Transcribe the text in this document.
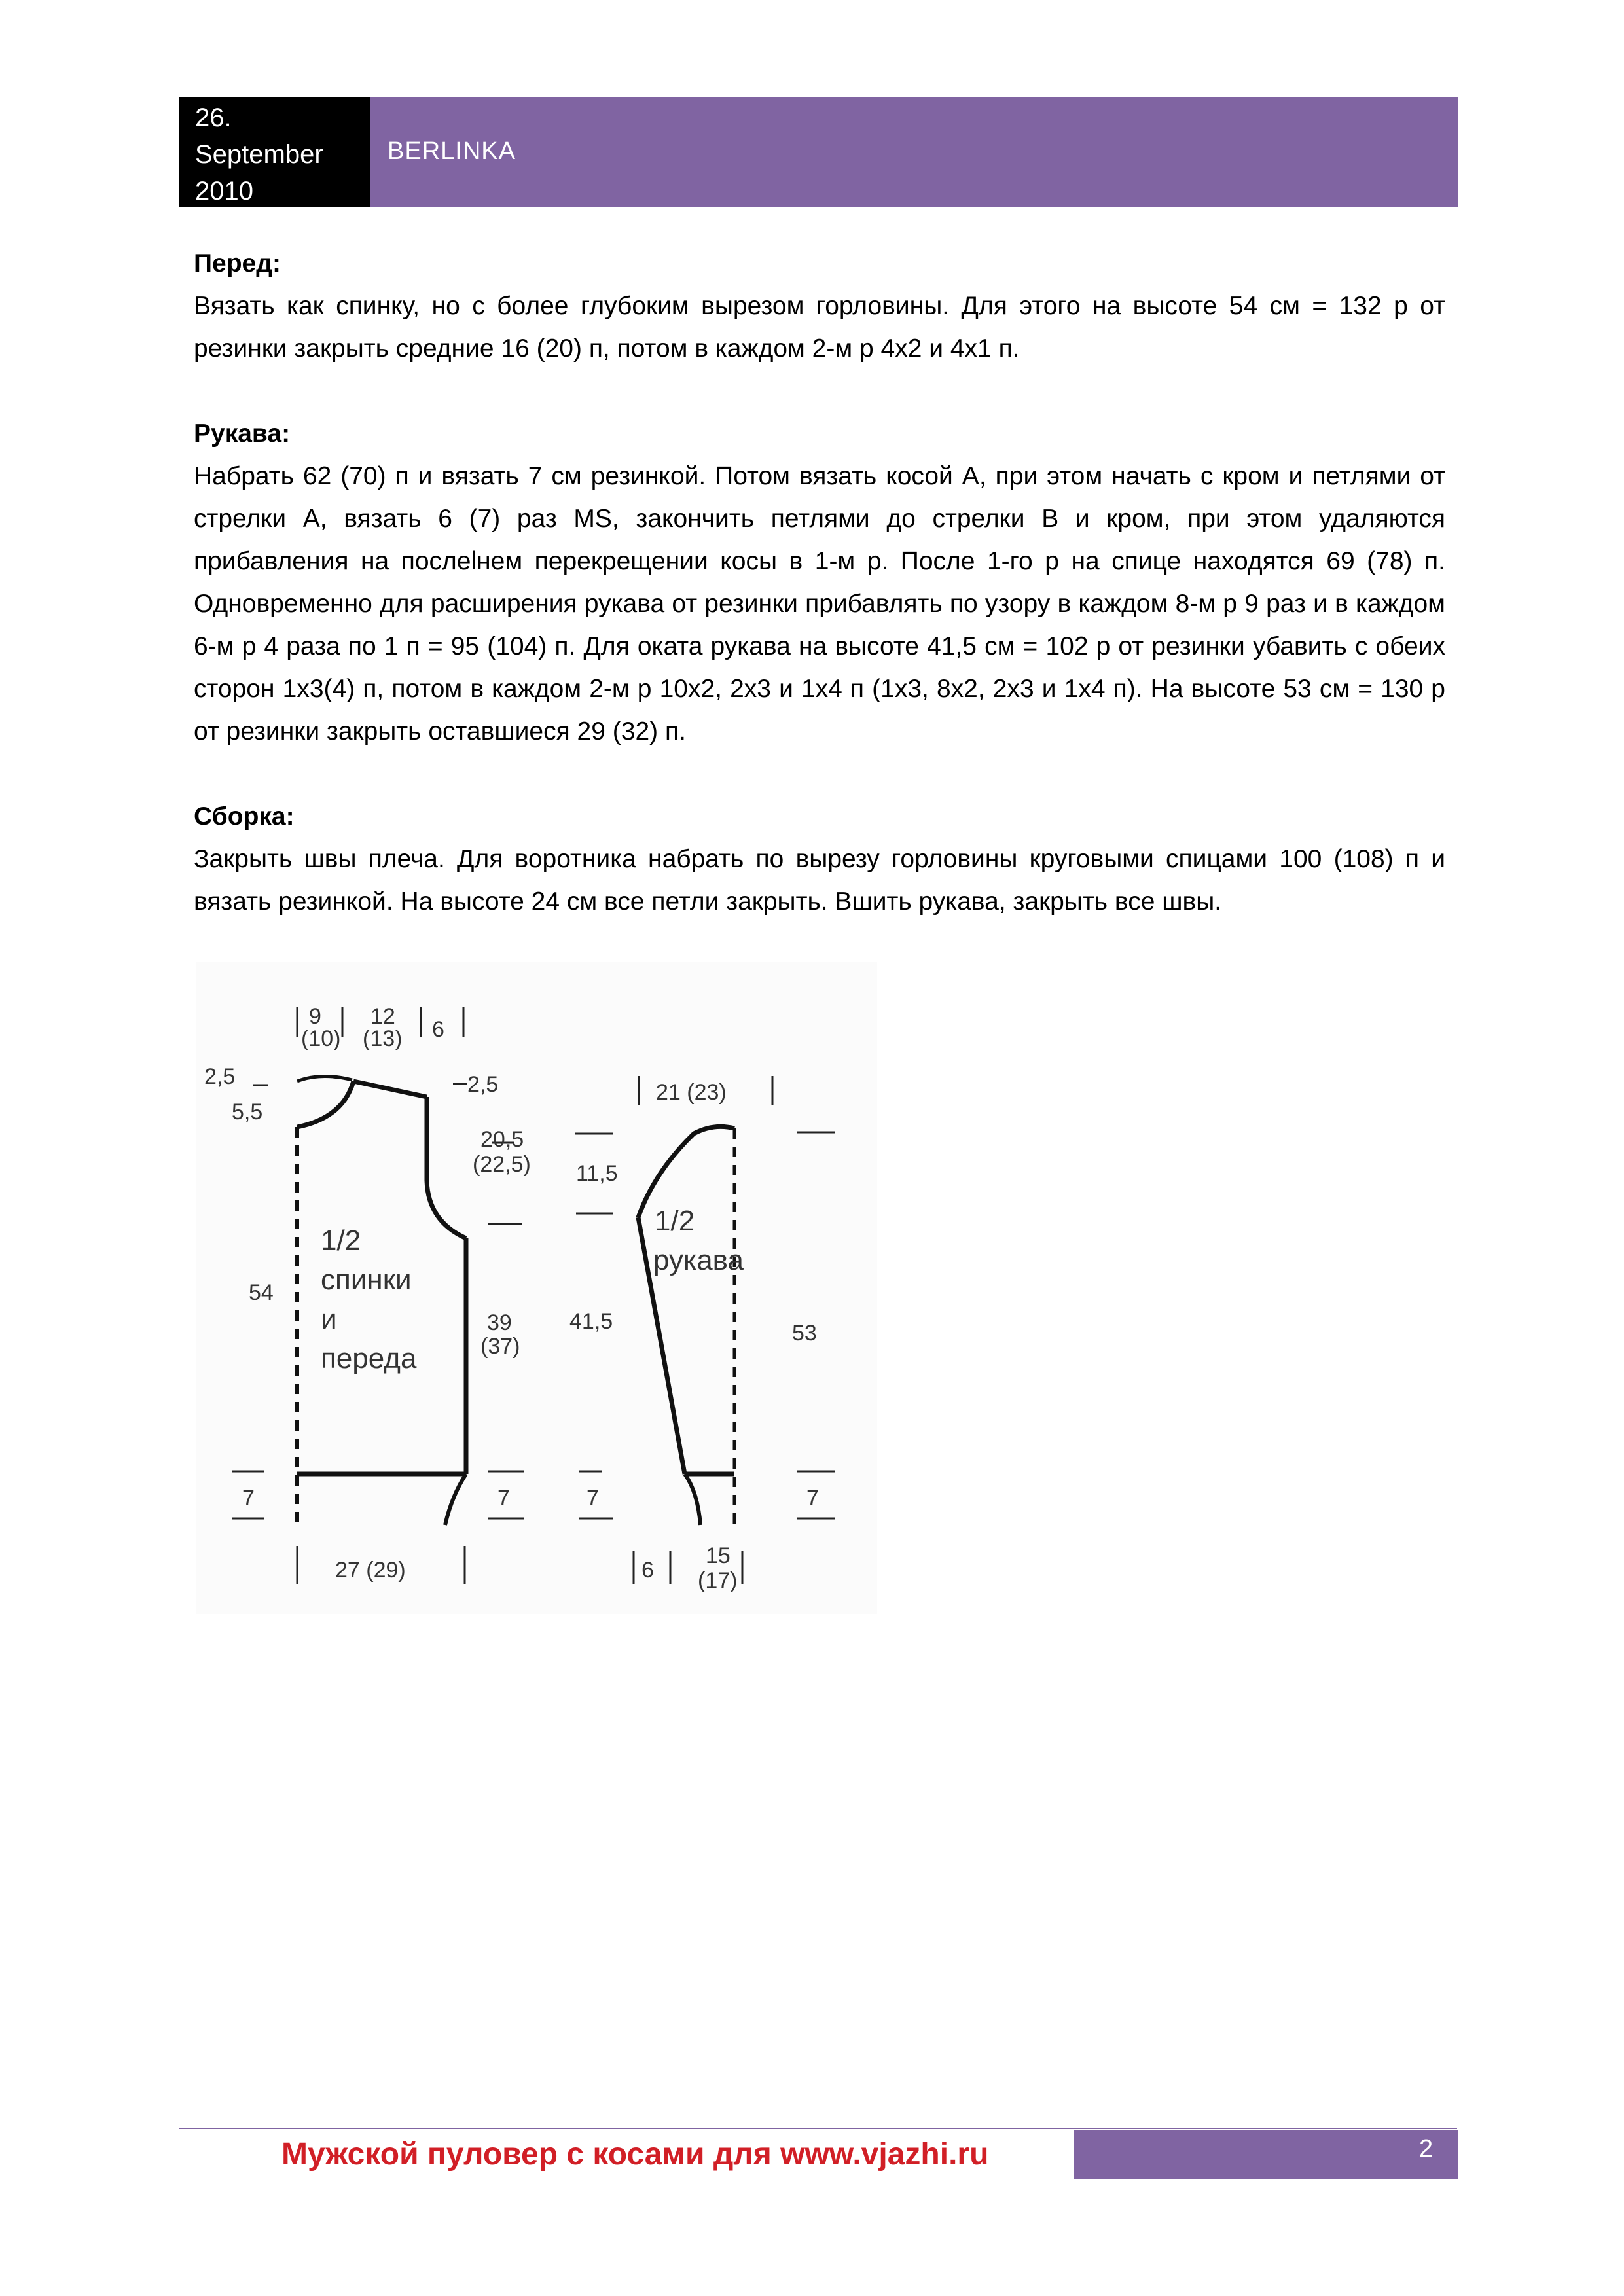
26.
September
2010
BERLINKA
Перед:

Вязать как спинку, но с более глубоким вырезом горловины. Для этого на высоте 54 см = 132 р от резинки закрыть средние 16 (20) п, потом в каждом 2-м р 4х2 и 4х1 п.

Рукава:

Набрать 62 (70) п и вязать 7 см резинкой. Потом вязать косой А, при этом начать с кром и петлями от стрелки А, вязать 6 (7) раз MS, закончить петлями до стрелки В и кром, при этом удаляются прибавления на послеlнем перекрещении косы в 1-м р. После 1-го р на спице находятся 69 (78) п. Одновременно для расширения рукава от резинки прибавлять по узору в каждом 8-м р 9 раз и в каждом 6-м р 4 раза по 1 п = 95 (104) п. Для оката рукава на высоте 41,5 см = 102 р от резинки убавить с обеих сторон 1х3(4) п, потом в каждом 2-м р 10х2, 2х3 и 1х4 п (1х3, 8х2, 2х3 и 1х4 п). На высоте 53 см = 130 р от резинки закрыть оставшиеся 29 (32) п.

Сборка:

Закрыть швы плеча. Для воротника набрать по вырезу горловины круговыми спицами 100 (108) п и вязать резинкой. На высоте 24 см все петли закрыть. Вшить рукава, закрыть все швы.

1/2
спинки
и
переда
1/2
рукава
9
(10)
12
(13) 6
2,5
5,5
2,5
20,5
(22,5)
54
39
(37)
7	7
27 (29)
21 (23)
11,5
41,5	53
7	7
6
15
(17)
Мужской пуловер с косами для www.vjazhi.ru	2
